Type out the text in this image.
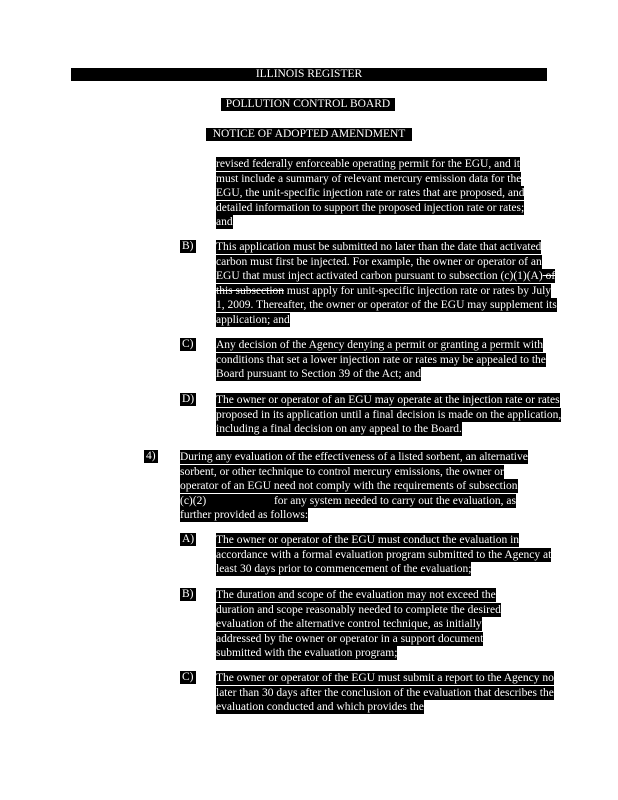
ILLINOIS REGISTER
POLLUTION CONTROL BOARD
NOTICE OF ADOPTED AMENDMENT

revised federally enforceable operating permit for the EGU, and it must include a summary of relevant mercury emission data for the EGU, the unit-specific injection rate or rates that are proposed, and detailed information to support the proposed injection rate or rates; and

B) This application must be submitted no later than the date that activated carbon must first be injected. For example, the owner or operator of an EGU that must inject activated carbon pursuant to subsection (c)(1)(A) of this subsection must apply for unit-specific injection rate or rates by July 1, 2009. Thereafter, the owner or operator of the EGU may supplement its application; and

C) Any decision of the Agency denying a permit or granting a permit with conditions that set a lower injection rate or rates may be appealed to the Board pursuant to Section 39 of the Act; and

D) The owner or operator of an EGU may operate at the injection rate or rates proposed in its application until a final decision is made on the application, including a final decision on any appeal to the Board.

4) During any evaluation of the effectiveness of a listed sorbent, an alternative sorbent, or other technique to control mercury emissions, the owner or operator of an EGU need not comply with the requirements of subsection (c)(2)	for any system needed to carry out the evaluation, as further provided as follows:

A) The owner or operator of the EGU must conduct the evaluation in accordance with a formal evaluation program submitted to the Agency at least 30 days prior to commencement of the evaluation;

B) The duration and scope of the evaluation may not exceed the duration and scope reasonably needed to complete the desired evaluation of the alternative control technique, as initially addressed by the owner or operator in a support document submitted with the evaluation program;

C) The owner or operator of the EGU must submit a report to the Agency no later than 30 days after the conclusion of the evaluation that describes the evaluation conducted and which provides the
